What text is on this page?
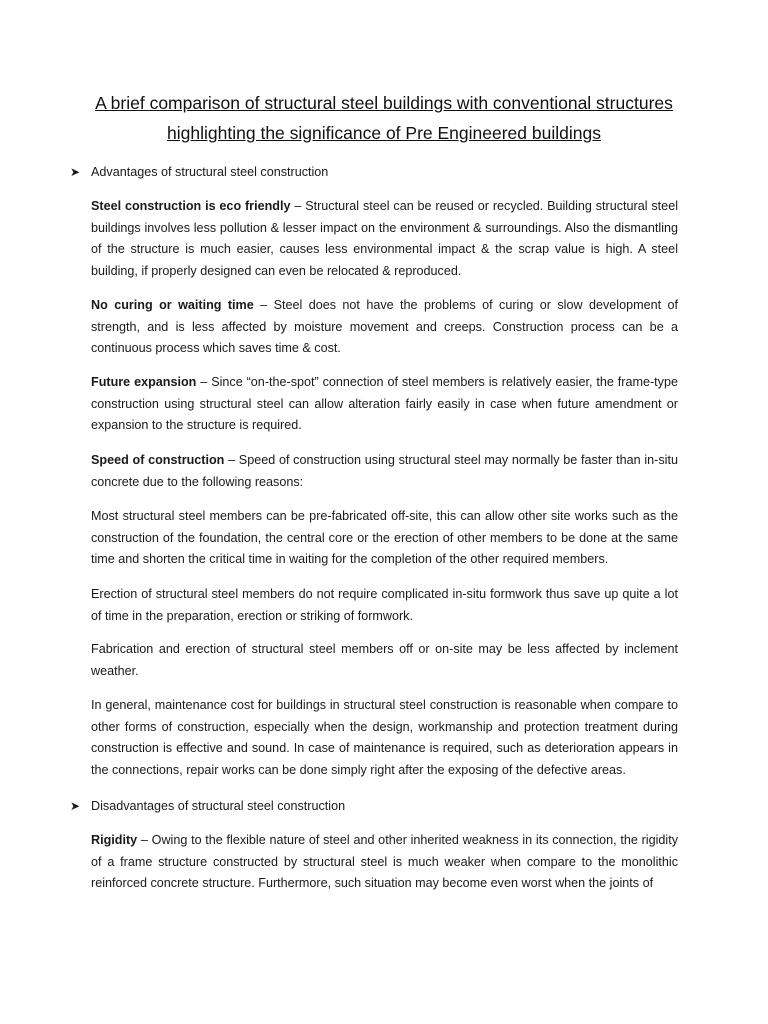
A brief comparison of structural steel buildings with conventional structures
highlighting the significance of Pre Engineered buildings
➤ Advantages of structural steel construction

Steel construction is eco friendly – Structural steel can be reused or recycled. Building structural steel buildings involves less pollution & lesser impact on the environment & surroundings. Also the dismantling of the structure is much easier, causes less environmental impact & the scrap value is high. A steel building, if properly designed can even be relocated & reproduced.

No curing or waiting time – Steel does not have the problems of curing or slow development of strength, and is less affected by moisture movement and creeps. Construction process can be a continuous process which saves time & cost.

Future expansion – Since “on-the-spot” connection of steel members is relatively easier, the frame-type construction using structural steel can allow alteration fairly easily in case when future amendment or expansion to the structure is required.

Speed of construction – Speed of construction using structural steel may normally be faster than in-situ concrete due to the following reasons:

Most structural steel members can be pre-fabricated off-site, this can allow other site works such as the construction of the foundation, the central core or the erection of other members to be done at the same time and shorten the critical time in waiting for the completion of the other required members.

Erection of structural steel members do not require complicated in-situ formwork thus save up quite a lot of time in the preparation, erection or striking of formwork.

Fabrication and erection of structural steel members off or on-site may be less affected by inclement weather.

In general, maintenance cost for buildings in structural steel construction is reasonable when compare to other forms of construction, especially when the design, workmanship and protection treatment during construction is effective and sound. In case of maintenance is required, such as deterioration appears in the connections, repair works can be done simply right after the exposing of the defective areas.

➤ Disadvantages of structural steel construction

Rigidity – Owing to the flexible nature of steel and other inherited weakness in its connection, the rigidity of a frame structure constructed by structural steel is much weaker when compare to the monolithic reinforced concrete structure. Furthermore, such situation may become even worst when the joints of
